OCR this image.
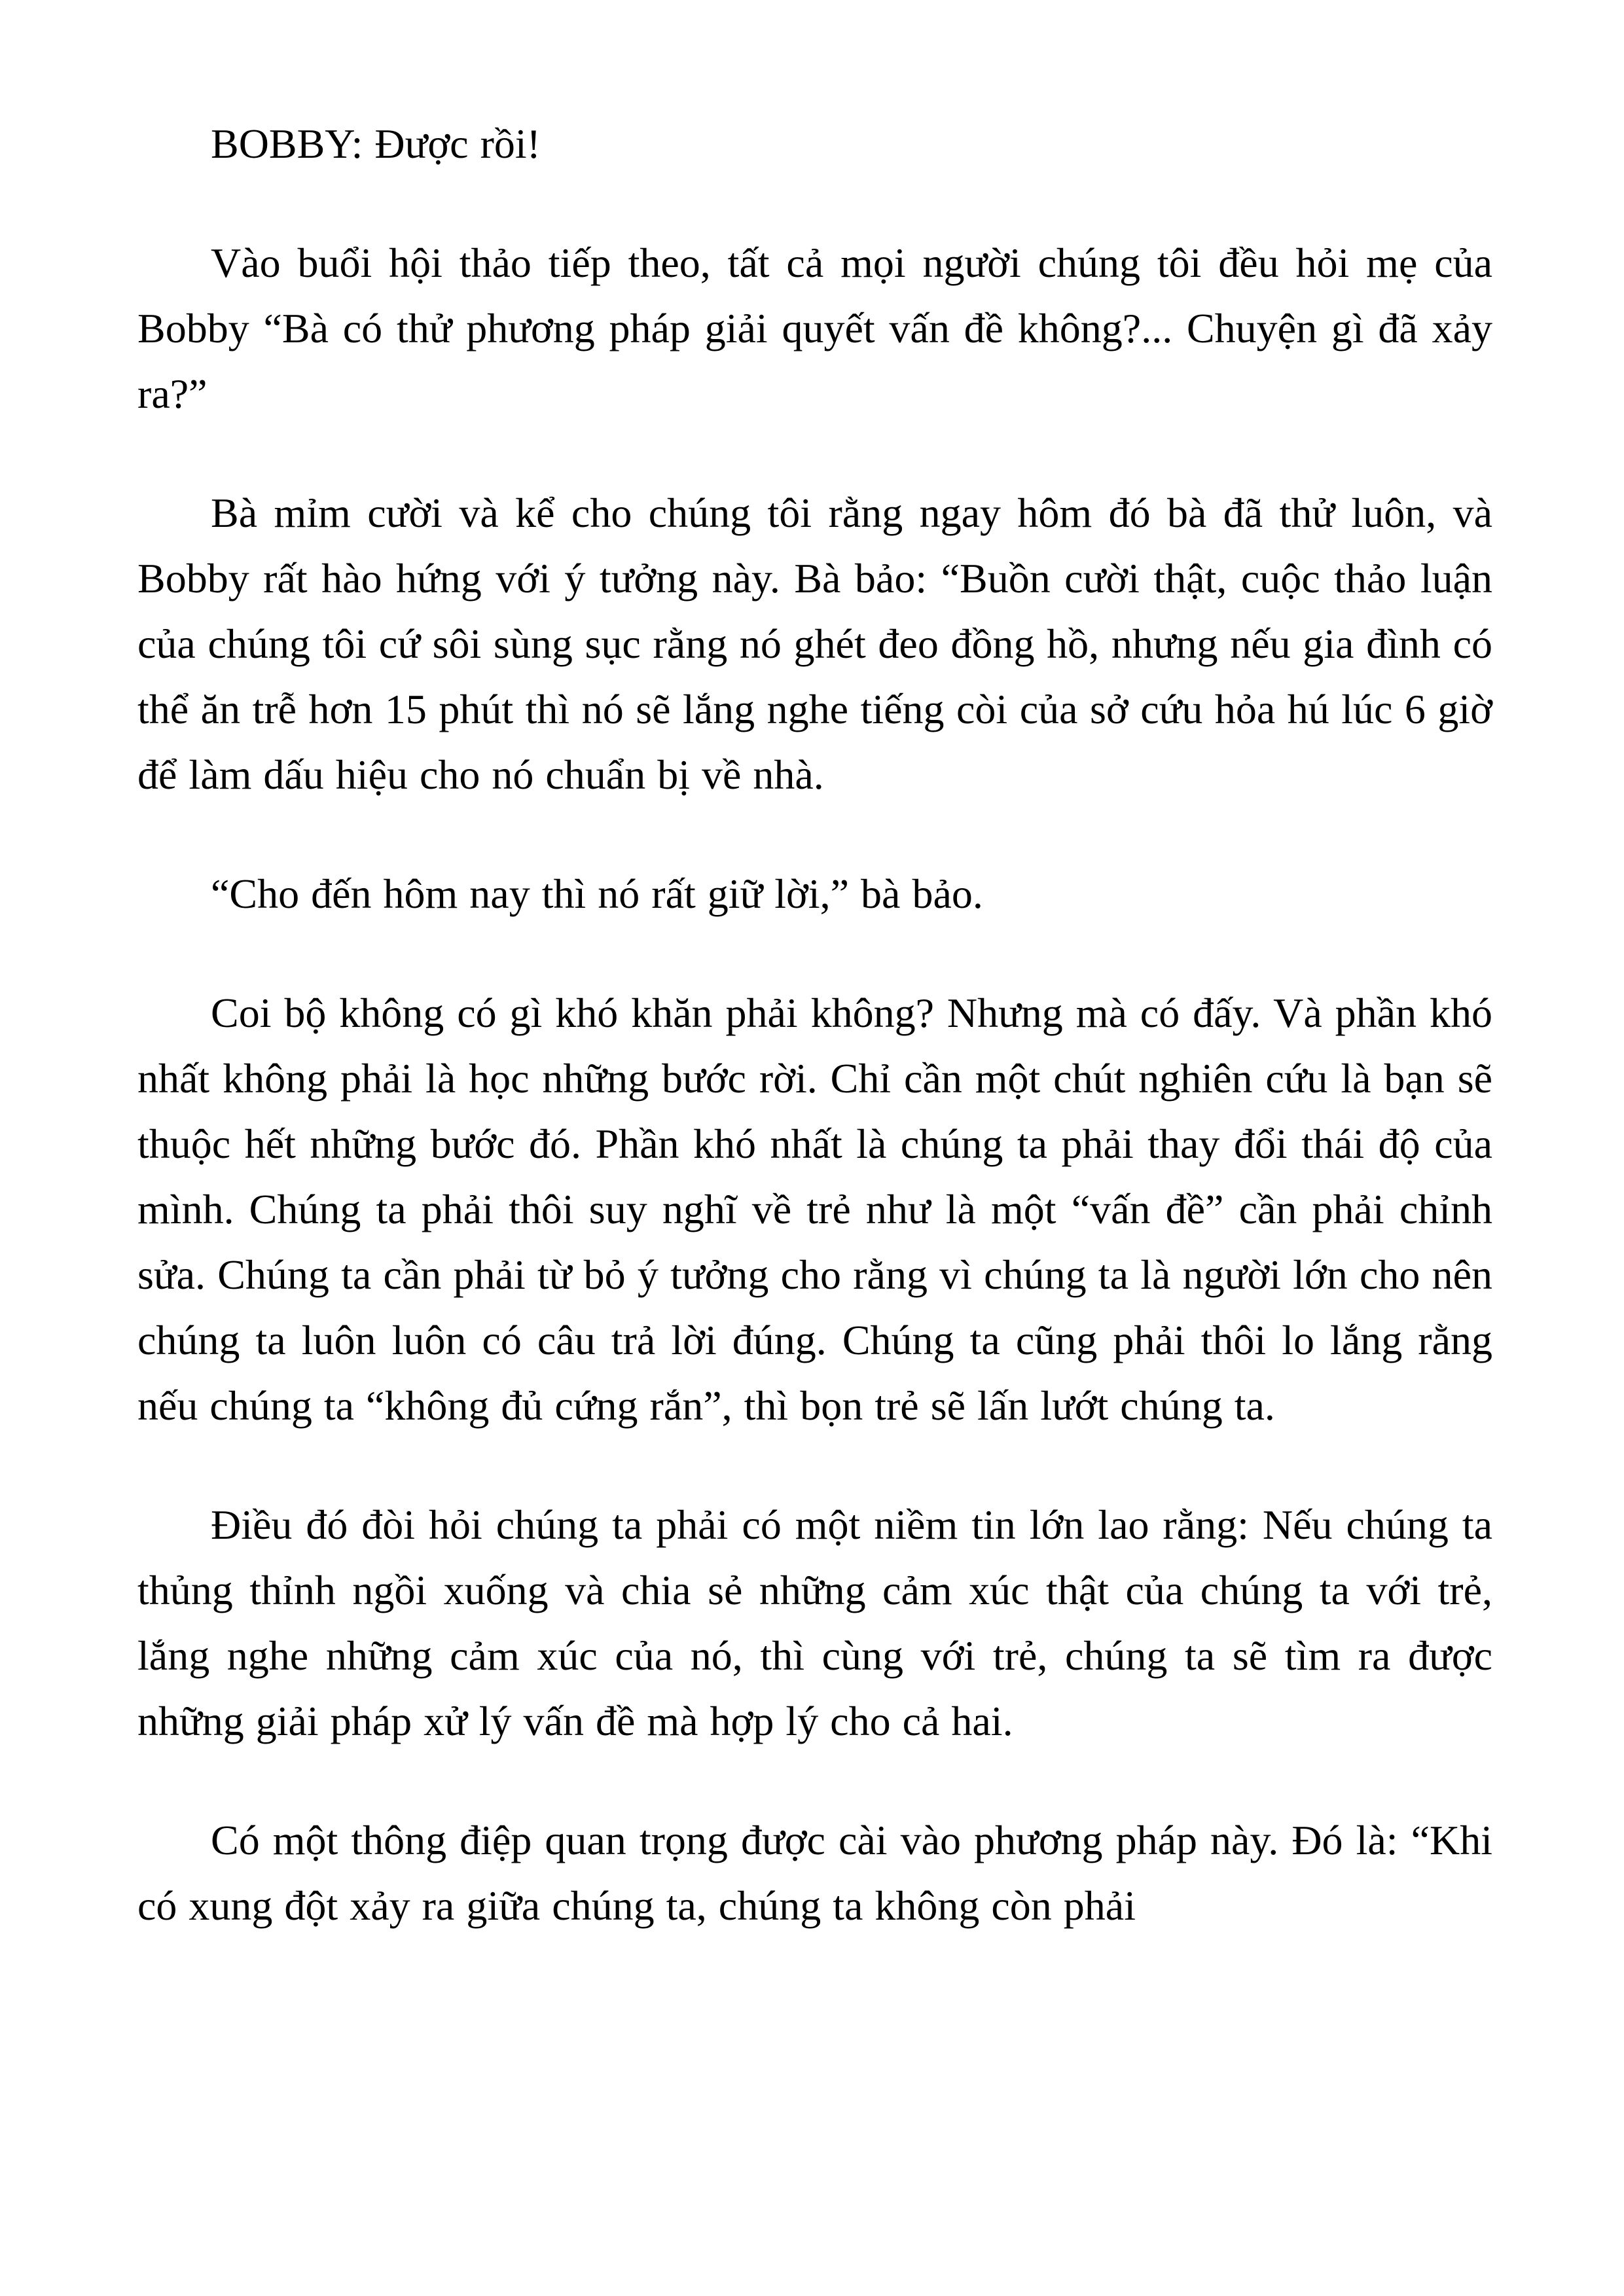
BOBBY: Được rồi!

Vào buổi hội thảo tiếp theo, tất cả mọi người chúng tôi đều hỏi mẹ của Bobby “Bà có thử phương pháp giải quyết vấn đề không?... Chuyện gì đã xảy ra?”

Bà mỉm cười và kể cho chúng tôi rằng ngay hôm đó bà đã thử luôn, và Bobby rất hào hứng với ý tưởng này. Bà bảo: “Buồn cười thật, cuộc thảo luận của chúng tôi cứ sôi sùng sục rằng nó ghét đeo đồng hồ, nhưng nếu gia đình có thể ăn trễ hơn 15 phút thì nó sẽ lắng nghe tiếng còi của sở cứu hỏa hú lúc 6 giờ để làm dấu hiệu cho nó chuẩn bị về nhà.

“Cho đến hôm nay thì nó rất giữ lời,” bà bảo.

Coi bộ không có gì khó khăn phải không? Nhưng mà có đấy. Và phần khó nhất không phải là học những bước rời. Chỉ cần một chút nghiên cứu là bạn sẽ thuộc hết những bước đó. Phần khó nhất là chúng ta phải thay đổi thái độ của mình. Chúng ta phải thôi suy nghĩ về trẻ như là một “vấn đề” cần phải chỉnh sửa. Chúng ta cần phải từ bỏ ý tưởng cho rằng vì chúng ta là người lớn cho nên chúng ta luôn luôn có câu trả lời đúng. Chúng ta cũng phải thôi lo lắng rằng nếu chúng ta “không đủ cứng rắn”, thì bọn trẻ sẽ lấn lướt chúng ta.

Điều đó đòi hỏi chúng ta phải có một niềm tin lớn lao rằng: Nếu chúng ta thủng thỉnh ngồi xuống và chia sẻ những cảm xúc thật của chúng ta với trẻ, lắng nghe những cảm xúc của nó, thì cùng với trẻ, chúng ta sẽ tìm ra được những giải pháp xử lý vấn đề mà hợp lý cho cả hai.

Có một thông điệp quan trọng được cài vào phương pháp này. Đó là: “Khi có xung đột xảy ra giữa chúng ta, chúng ta không còn phải
